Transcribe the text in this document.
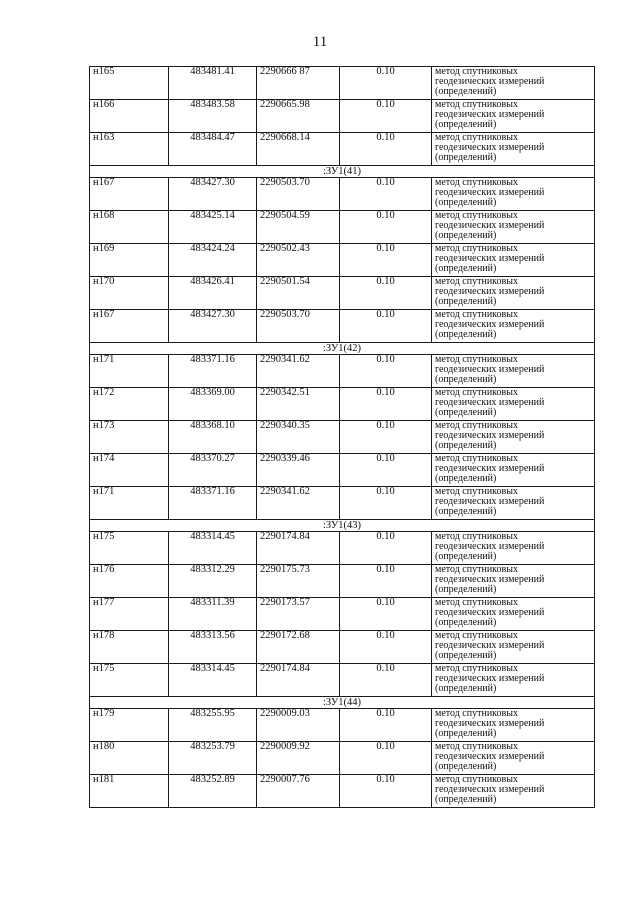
11
н165	483481.41	2290666 87	0.10	метод спутниковых
геодезических измерений
(определений)

н166	483483.58	2290665.98	0.10	метод спутниковых
геодезических измерений
(определений)

н163	483484.47	2290668.14	0.10	метод спутниковых
геодезических измерений
(определений)

:ЗУ1(41)				
н167	483427.30	2290503.70	0.10	метод спутниковых
геодезических измерений
(определений)

н168	483425.14	2290504.59	0.10	метод спутниковых
геодезических измерений
(определений)

н169	483424.24	2290502.43	0.10	метод спутниковых
геодезических измерений
(определений)

н170	483426.41	2290501.54	0.10	метод спутниковых
геодезических измерений
(определений)

н167	483427.30	2290503.70	0.10	метод спутниковых
геодезических измерений
(определений)

:ЗУ1(42)				
н171	483371.16	2290341.62	0.10	метод спутниковых
геодезических измерений
(определений)

н172	483369.00	2290342.51	0.10	метод спутниковых
геодезических измерений
(определений)

н173	483368.10	2290340.35	0.10	метод спутниковых
геодезических измерений
(определений)

н174	483370.27	2290339.46	0.10	метод спутниковых
геодезических измерений
(определений)

н171	483371.16	2290341.62	0.10	метод спутниковых
геодезических измерений
(определений)

:ЗУ1(43)				
н175	483314.45	2290174.84	0.10	метод спутниковых
геодезических измерений
(определений)

н176	483312.29	2290175.73	0.10	метод спутниковых
геодезических измерений
(определений)

н177	483311.39	2290173.57	0.10	метод спутниковых
геодезических измерений
(определений)

н178	483313.56	2290172.68	0.10	метод спутниковых
геодезических измерений
(определений)

н175	483314.45	2290174.84	0.10	метод спутниковых
геодезических измерений
(определений)

:ЗУ1(44)				
н179	483255.95	2290009.03	0.10	метод спутниковых
геодезических измерений
(определений)

н180	483253.79	2290009.92	0.10	метод спутниковых
геодезических измерений
(определений)

н181	483252.89	2290007.76	0.10	метод спутниковых
геодезических измерений
(определений)
